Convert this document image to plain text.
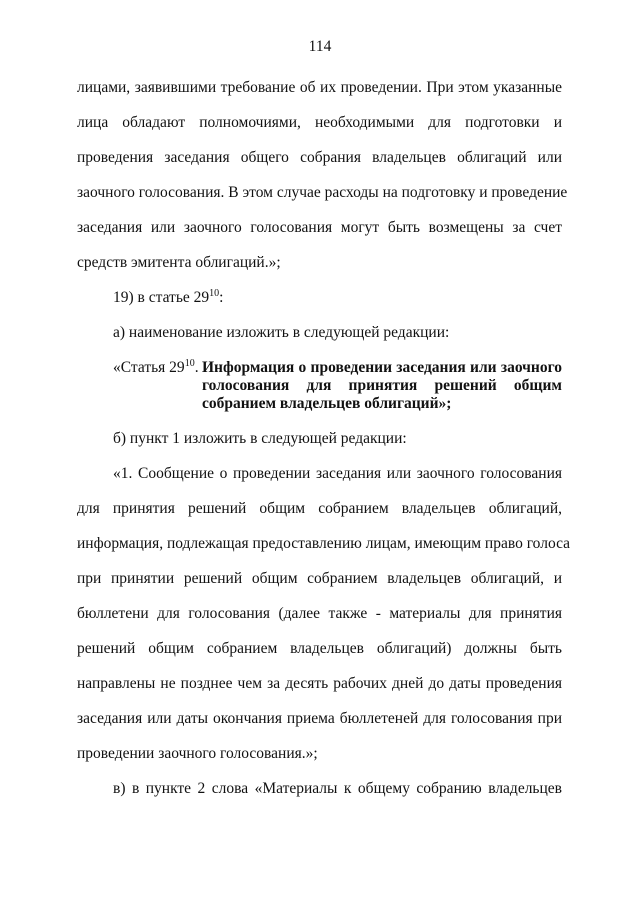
114
лицами, заявившими требование об их проведении. При этом указанные
лица обладают полномочиями, необходимыми для подготовки и
проведения заседания общего собрания владельцев облигаций или
заочного голосования. В этом случае расходы на подготовку и проведение
заседания или заочного голосования могут быть возмещены за счет
средств эмитента облигаций.»;
19) в статье $29^{10}$:
а) наименование изложить в следующей редакции:
«Статья $29^{10}$. Информация о проведении заседания или заочного
голосования для принятия решений общим
собранием владельцев облигаций»;
б) пункт 1 изложить в следующей редакции:
«1. Сообщение о проведении заседания или заочного голосования
для принятия решений общим собранием владельцев облигаций,
информация, подлежащая предоставлению лицам, имеющим право голоса
при принятии решений общим собранием владельцев облигаций, и
бюллетени для голосования (далее также - материалы для принятия
решений общим собранием владельцев облигаций) должны быть
направлены не позднее чем за десять рабочих дней до даты проведения
заседания или даты окончания приема бюллетеней для голосования при
проведении заочного голосования.»;
в) в пункте 2 слова «Материалы к общему собранию владельцев
